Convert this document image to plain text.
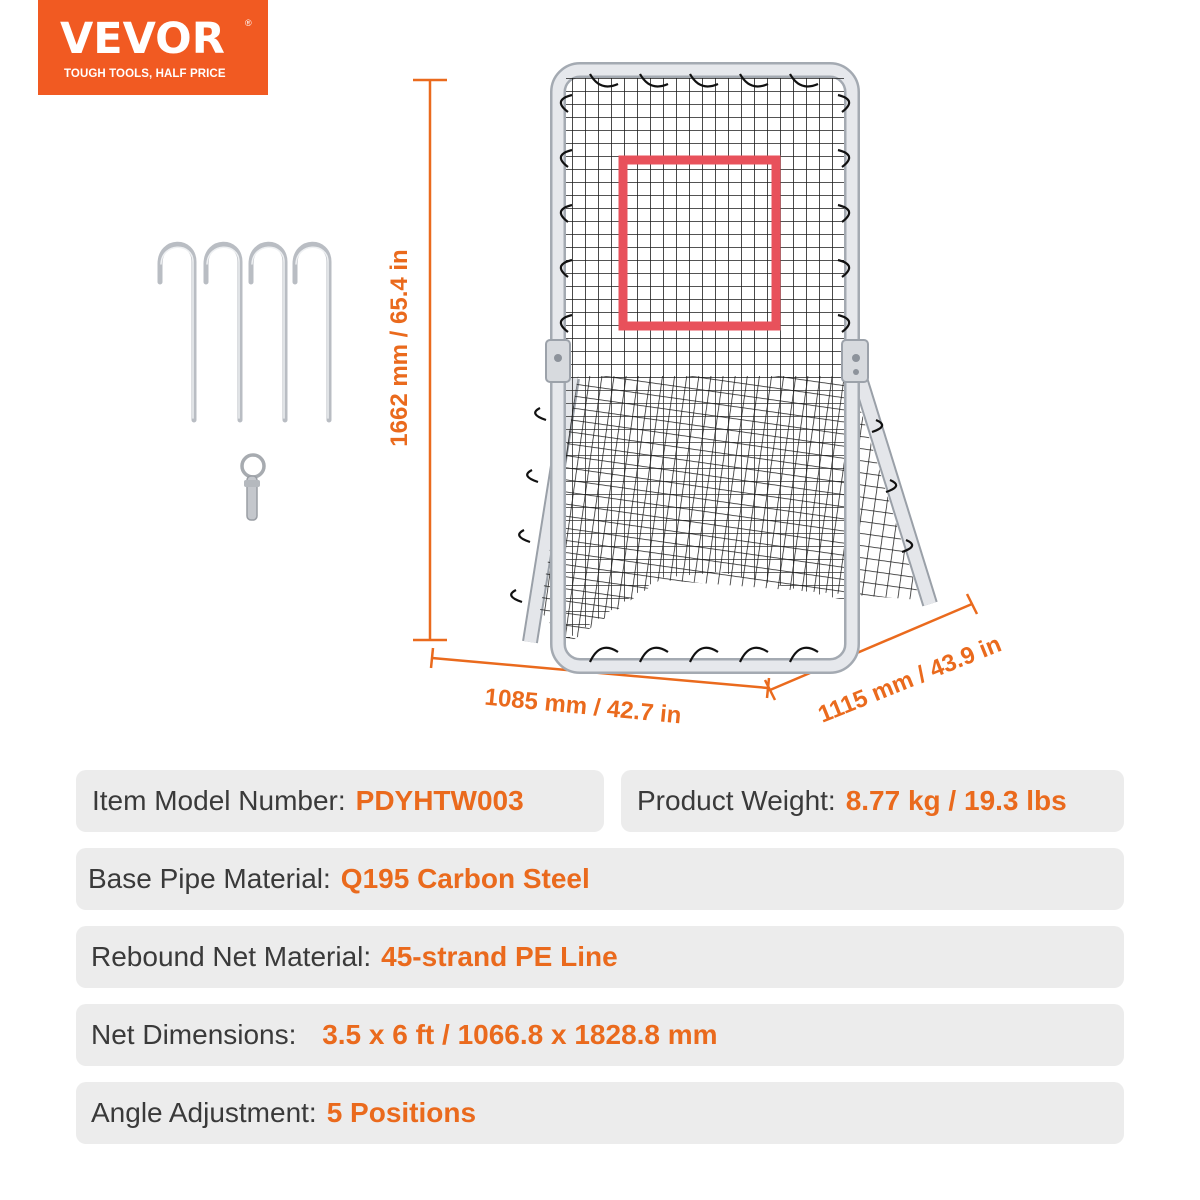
VEVOR ®
TOUGH TOOLS, HALF PRICE
1662 mm / 65.4 in
1085 mm / 42.7 in	1115 mm / 43.9 in
Item Model Number: PDYHTW003	Product Weight: 8.77 kg / 19.3 lbs
Base Pipe Material: Q195 Carbon Steel
Rebound Net Material: 45-strand PE Line
Net Dimensions: 3.5 x 6 ft / 1066.8 x 1828.8 mm
Angle Adjustment: 5 Positions
